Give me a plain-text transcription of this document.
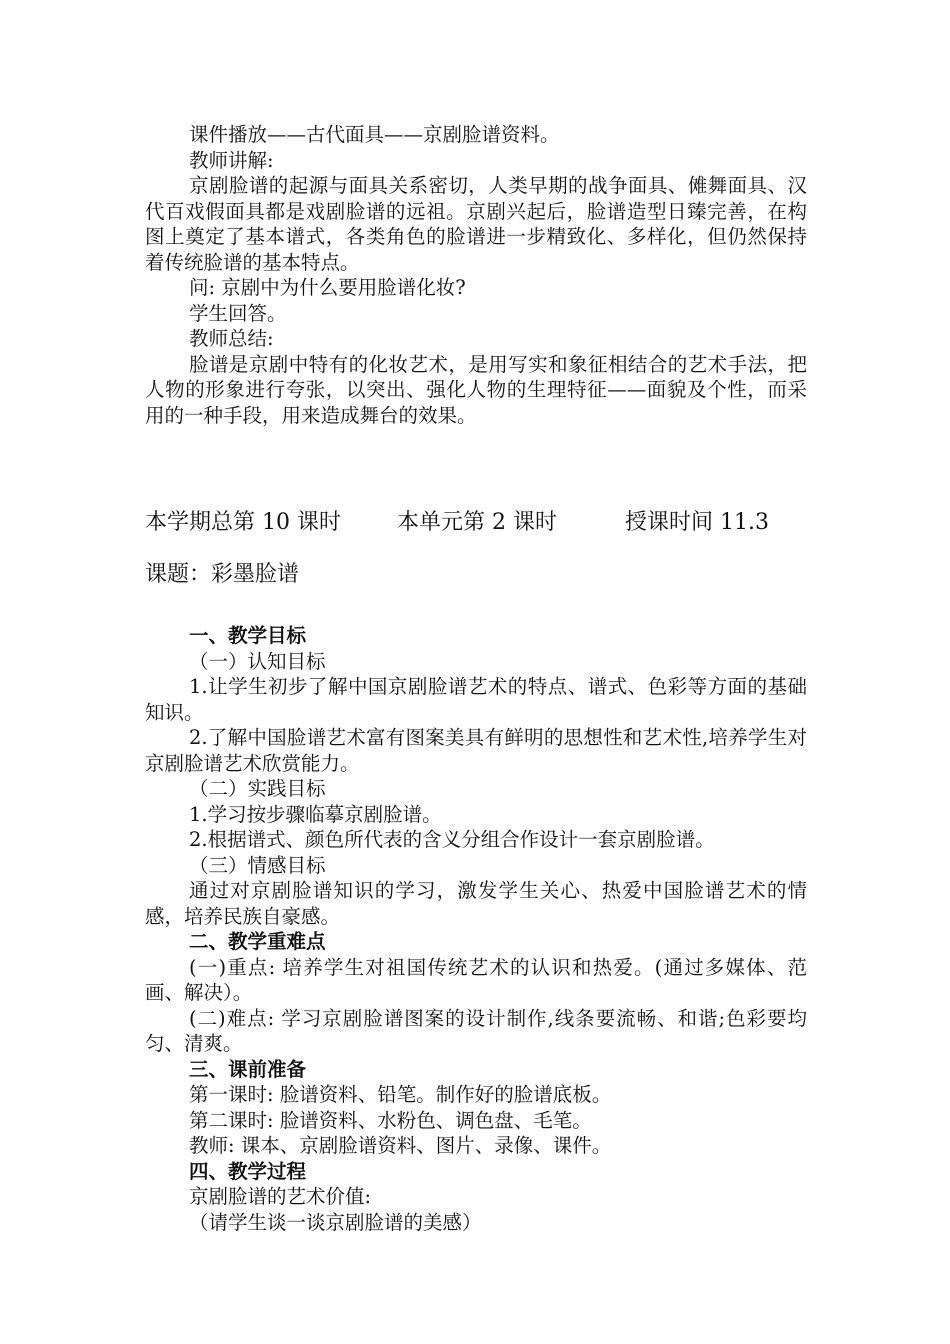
课件播放——古代面具——京剧脸谱资料。

教师讲解:

京剧脸谱的起源与面具关系密切，人类早期的战争面具、傩舞面具、汉代百戏假面具都是戏剧脸谱的远祖。京剧兴起后，脸谱造型日臻完善，在构图上奠定了基本谱式，各类角色的脸谱进一步精致化、多样化，但仍然保持着传统脸谱的基本特点。

问: 京剧中为什么要用脸谱化妆?

学生回答。

教师总结:

脸谱是京剧中特有的化妆艺术，是用写实和象征相结合的艺术手法，把人物的形象进行夸张，以突出、强化人物的生理特征——面貌及个性，而采用的一种手段，用来造成舞台的效果。

本学期总第 10 课时	本单元第 2 课时	授课时间 11.3

课题：彩墨脸谱

一、教学目标

（一）认知目标

1.让学生初步了解中国京剧脸谱艺术的特点、谱式、色彩等方面的基础知识。

2.了解中国脸谱艺术富有图案美具有鲜明的思想性和艺术性,培养学生对京剧脸谱艺术欣赏能力。

（二）实践目标

1.学习按步骤临摹京剧脸谱。

2.根据谱式、颜色所代表的含义分组合作设计一套京剧脸谱。

（三）情感目标

通过对京剧脸谱知识的学习，激发学生关心、热爱中国脸谱艺术的情感，培养民族自豪感。

二、教学重难点

(一)重点: 培养学生对祖国传统艺术的认识和热爱。(通过多媒体、范画、解决）。

(二)难点: 学习京剧脸谱图案的设计制作,线条要流畅、和谐;色彩要均匀、清爽。

三、课前准备

第一课时: 脸谱资料、铅笔。制作好的脸谱底板。

第二课时: 脸谱资料、水粉色、调色盘、毛笔。

教师: 课本、京剧脸谱资料、图片、录像、课件。

四、教学过程

京剧脸谱的艺术价值:

（请学生谈一谈京剧脸谱的美感）
